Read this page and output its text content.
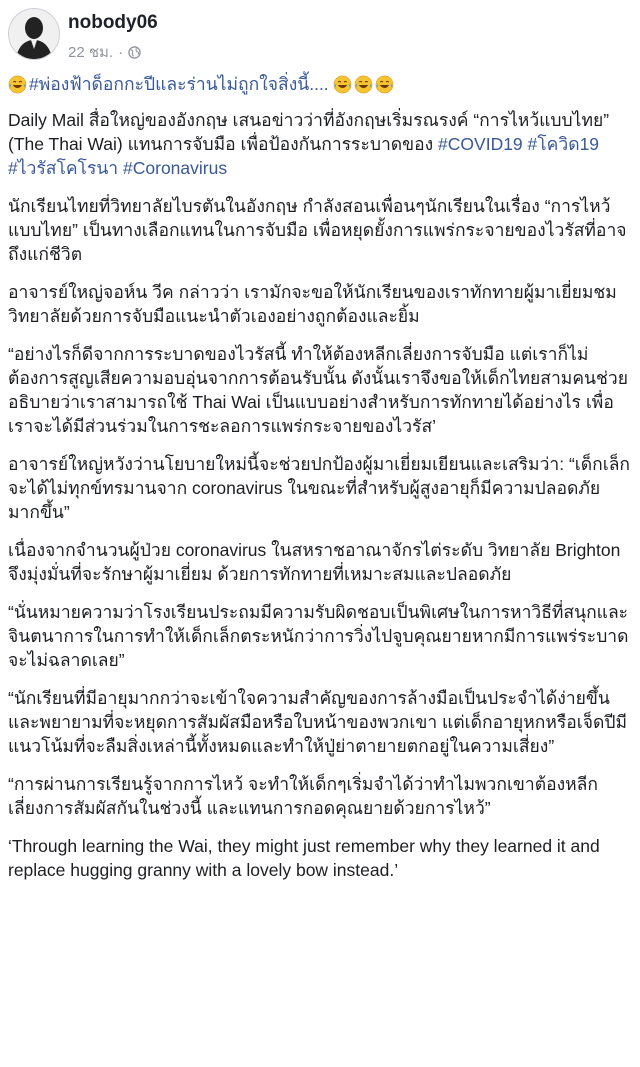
nobody06
22 ชม. ·

#พ่องฟ้าด็อกกะปีและร่านไม่ถูกใจสิ่งนี้....

Daily Mail สื่อใหญ่ของอังกฤษ เสนอข่าวว่าที่อังกฤษเริ่มรณรงค์ “การไหว้แบบไทย” (The Thai Wai) แทนการจับมือ เพื่อป้องกันการระบาดของ #COVID19 #โควิด19 #ไวรัสโคโรนา #Coronavirus

นักเรียนไทยที่วิทยาลัยไบรตันในอังกฤษ กำลังสอนเพื่อนๆนักเรียนในเรื่อง “การไหว้แบบไทย” เป็นทางเลือกแทนในการจับมือ เพื่อหยุดยั้งการแพร่กระจายของไวรัสที่อาจถึงแก่ชีวิต

อาจารย์ใหญ่จอห์น วีค กล่าวว่า เรามักจะขอให้นักเรียนของเราทักทายผู้มาเยี่ยมชมวิทยาลัยด้วยการจับมือแนะนำตัวเองอย่างถูกต้องและยิ้ม

“อย่างไรก็ดีจากการระบาดของไวรัสนี้ ทำให้ต้องหลีกเลี่ยงการจับมือ แต่เราก็ไม่ต้องการสูญเสียความอบอุ่นจากการต้อนรับนั้น ดังนั้นเราจึงขอให้เด็กไทยสามคนช่วยอธิบายว่าเราสามารถใช้ Thai Wai เป็นแบบอย่างสำหรับการทักทายได้อย่างไร เพื่อเราจะได้มีส่วนร่วมในการชะลอการแพร่กระจายของไวรัส’

อาจารย์ใหญ่หวังว่านโยบายใหม่นี้จะช่วยปกป้องผู้มาเยี่ยมเยียนและเสริมว่า: “เด็กเล็กจะได้ไม่ทุกข์ทรมานจาก coronavirus ในขณะที่สำหรับผู้สูงอายุก็มีความปลอดภัยมากขึ้น”

เนื่องจากจำนวนผู้ป่วย coronavirus ในสหราชอาณาจักรไต่ระดับ วิทยาลัย Brighton จึงมุ่งมั่นที่จะรักษาผู้มาเยี่ยม ด้วยการทักทายที่เหมาะสมและปลอดภัย

“นั่นหมายความว่าโรงเรียนประถมมีความรับผิดชอบเป็นพิเศษในการหาวิธีที่สนุกและจินตนาการในการทำให้เด็กเล็กตระหนักว่าการวิ่งไปจูบคุณยายหากมีการแพร่ระบาดจะไม่ฉลาดเลย”

“นักเรียนที่มีอายุมากกว่าจะเข้าใจความสำคัญของการล้างมือเป็นประจำได้ง่ายขึ้นและพยายามที่จะหยุดการสัมผัสมือหรือใบหน้าของพวกเขา แต่เด็กอายุหกหรือเจ็ดปีมีแนวโน้มที่จะลืมสิ่งเหล่านี้ทั้งหมดและทำให้ปู่ย่าตายายตกอยู่ในความเสี่ยง”

“การผ่านการเรียนรู้จากการไหว้ จะทำให้เด็กๆเริ่มจำได้ว่าทำไมพวกเขาต้องหลีกเลี่ยงการสัมผัสกันในช่วงนี้ และแทนการกอดคุณยายด้วยการไหว้”

‘Through learning the Wai, they might just remember why they learned it and replace hugging granny with a lovely bow instead.’
